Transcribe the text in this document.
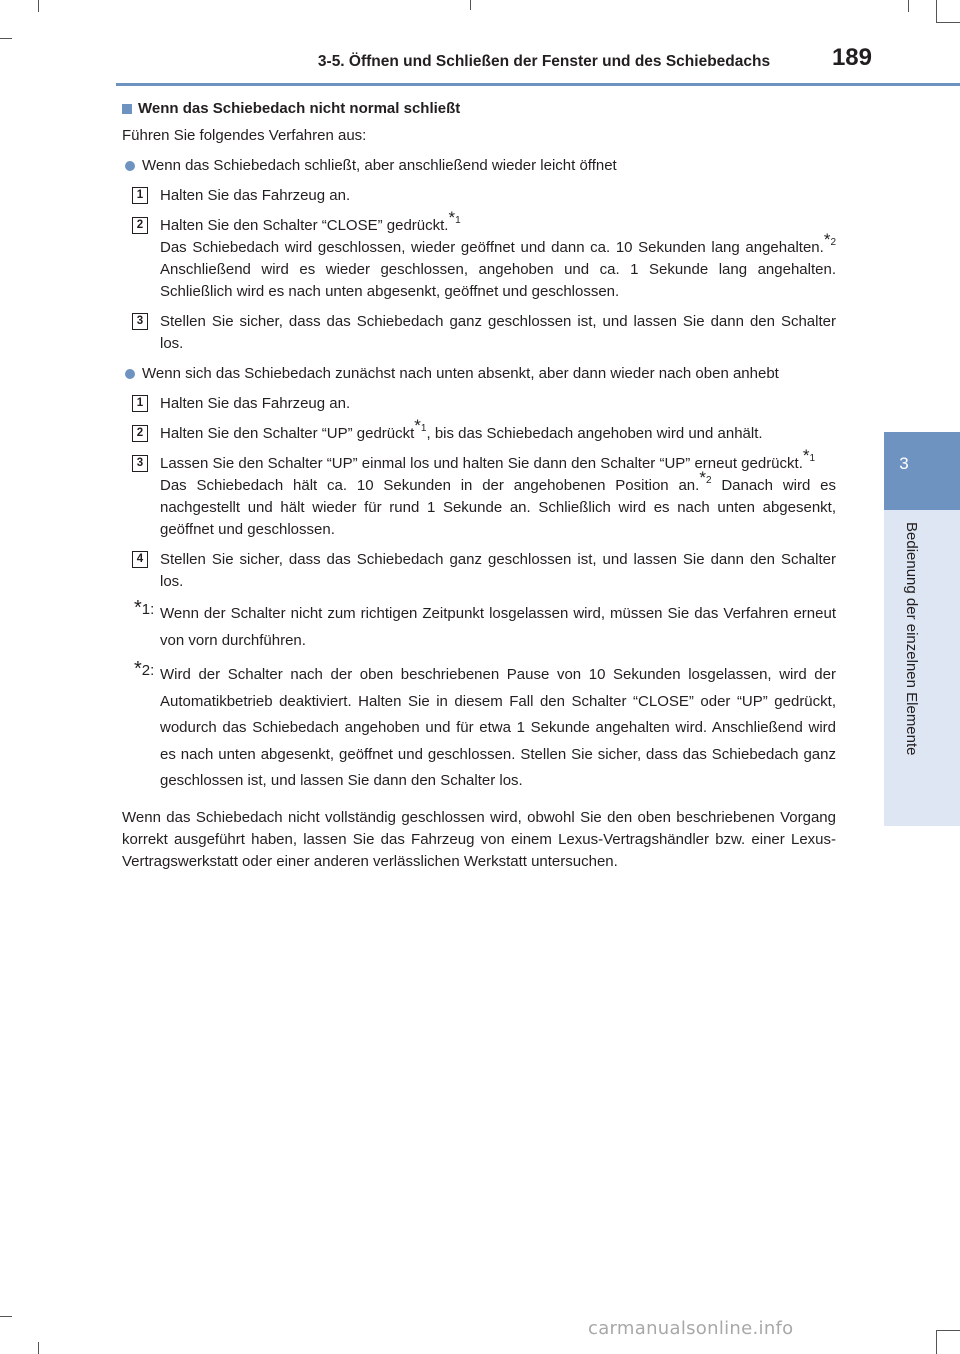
3-5. Öffnen und Schließen der Fenster und des Schiebedachs	189
3
Bedienung der einzelnen Elemente
Wenn das Schiebedach nicht normal schließt
Führen Sie folgendes Verfahren aus:
Wenn das Schiebedach schließt, aber anschließend wieder leicht öffnet
1	Halten Sie das Fahrzeug an.
2	Halten Sie den Schalter “CLOSE” gedrückt.$^{*1}$
Das Schiebedach wird geschlossen, wieder geöffnet und dann ca. 10 Sekunden lang angehalten.$^{*2}$ Anschließend wird es wieder geschlossen, angehoben und ca. 1 Sekunde lang angehalten. Schließlich wird es nach unten abgesenkt, geöffnet und geschlossen.
3	Stellen Sie sicher, dass das Schiebedach ganz geschlossen ist, und lassen Sie dann den Schalter los.
Wenn sich das Schiebedach zunächst nach unten absenkt, aber dann wieder nach oben anhebt
1	Halten Sie das Fahrzeug an.
2	Halten Sie den Schalter “UP” gedrückt$^{*1}$, bis das Schiebedach angehoben wird und anhält.
3	Lassen Sie den Schalter “UP” einmal los und halten Sie dann den Schalter “UP” erneut gedrückt.$^{*1}$
Das Schiebedach hält ca. 10 Sekunden in der angehobenen Position an.$^{*2}$ Danach wird es nachgestellt und hält wieder für rund 1 Sekunde an. Schließlich wird es nach unten abgesenkt, geöffnet und geschlossen.
4	Stellen Sie sicher, dass das Schiebedach ganz geschlossen ist, und lassen Sie dann den Schalter los.
*1: Wenn der Schalter nicht zum richtigen Zeitpunkt losgelassen wird, müssen Sie das Verfahren erneut von vorn durchführen.
*2: Wird der Schalter nach der oben beschriebenen Pause von 10 Sekunden losgelassen, wird der Automatikbetrieb deaktiviert. Halten Sie in diesem Fall den Schalter “CLOSE” oder “UP” gedrückt, wodurch das Schiebedach angehoben und für etwa 1 Sekunde angehalten wird. Anschließend wird es nach unten abgesenkt, geöffnet und geschlossen. Stellen Sie sicher, dass das Schiebedach ganz geschlossen ist, und lassen Sie dann den Schalter los.
Wenn das Schiebedach nicht vollständig geschlossen wird, obwohl Sie den oben beschriebenen Vorgang korrekt ausgeführt haben, lassen Sie das Fahrzeug von einem Lexus-Vertragshändler bzw. einer Lexus-Vertragswerkstatt oder einer anderen verlässlichen Werkstatt untersuchen.
carmanualsonline.info
